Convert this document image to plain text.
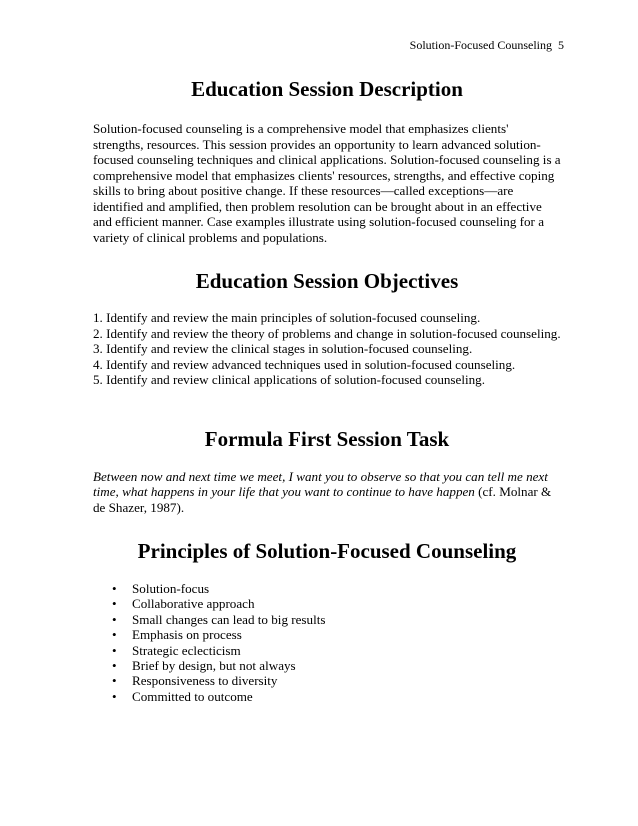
Solution-Focused Counseling  5
Education Session Description

Solution-focused counseling is a comprehensive model that emphasizes clients' strengths, resources. This session provides an opportunity to learn advanced solution-focused counseling techniques and clinical applications. Solution-focused counseling is a comprehensive model that emphasizes clients' resources, strengths, and effective coping skills to bring about positive change. If these resources—called exceptions—are identified and amplified, then problem resolution can be brought about in an effective and efficient manner. Case examples illustrate using solution-focused counseling for a variety of clinical problems and populations.

Education Session Objectives
1. Identify and review the main principles of solution-focused counseling.
2. Identify and review the theory of problems and change in solution-focused counseling.
3. Identify and review the clinical stages in solution-focused counseling.
4. Identify and review advanced techniques used in solution-focused counseling.
5. Identify and review clinical applications of solution-focused counseling.
Formula First Session Task

Between now and next time we meet, I want you to observe so that you can tell me next time, what happens in your life that you want to continue to have happen (cf. Molnar & de Shazer, 1987).

Principles of Solution-Focused Counseling
• Solution-focus
• Collaborative approach
• Small changes can lead to big results
• Emphasis on process
• Strategic eclecticism
• Brief by design, but not always
• Responsiveness to diversity
• Committed to outcome
